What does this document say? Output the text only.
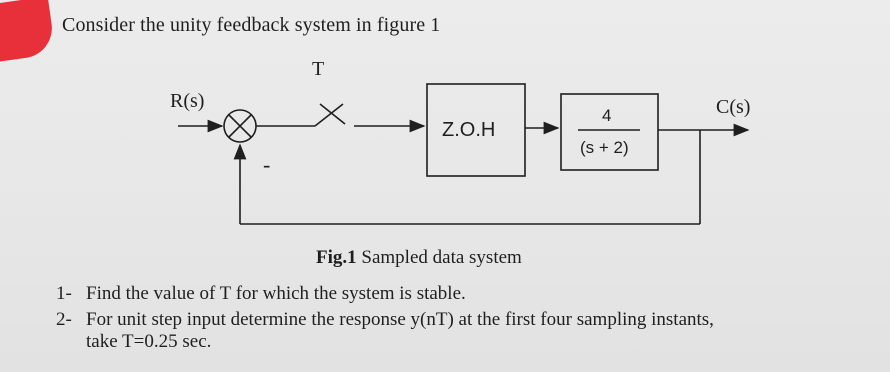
Consider the unity feedback system in figure 1
T
R(s)	C(s)
-
Z.O.H
4
(s + 2)
Fig.1 Sampled data system
1- Find the value of T for which the system is stable.
2- For unit step input determine the response y(nT) at the first four sampling instants,
take T=0.25 sec.
